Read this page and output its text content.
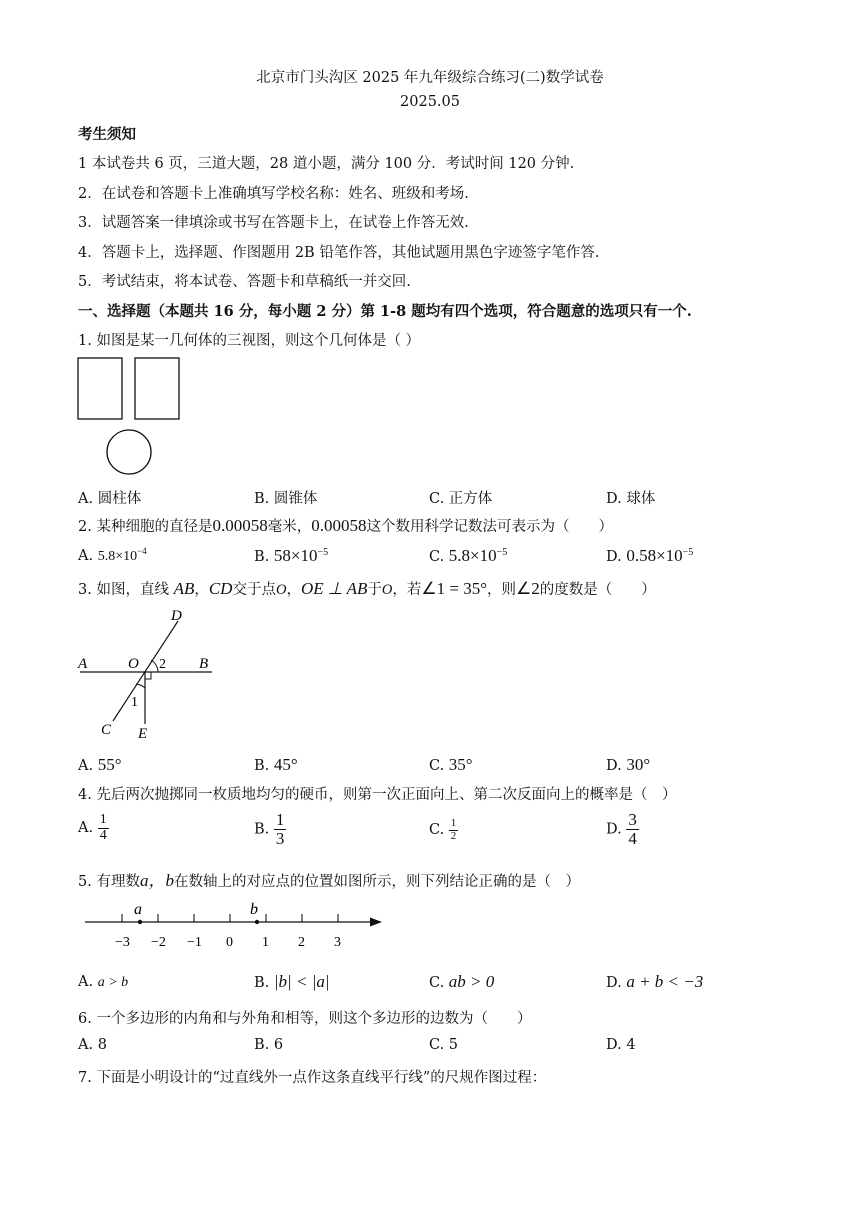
北京市门头沟区 2025 年九年级综合练习(二)数学试卷
2025.05
考生须知
1 本试卷共 6 页，三道大题，28 道小题，满分 100 分．考试时间 120 分钟.
2．在试卷和答题卡上准确填写学校名称：姓名、班级和考场.
3．试题答案一律填涂或书写在答题卡上，在试卷上作答无效.
4．答题卡上，选择题、作图题用 2B 铅笔作答，其他试题用黑色字迹签字笔作答.
5．考试结束，将本试卷、答题卡和草稿纸一并交回.
一、选择题（本题共 16 分，每小题 2 分）第 1-8 题均有四个选项，符合题意的选项只有一个.
1. 如图是某一几何体的三视图，则这个几何体是（ ）
A. 圆柱体	B. 圆锥体	C. 正方体	D. 球体
2. 某种细胞的直径是0.00058毫米，0.00058这个数用科学记数法可表示为（　　）
A. $5.8\times 10^{-4}$	B. $58\times 10^{-5}$	C. $5.8\times 10^{-5}$	D. $0.58\times 10^{-5}$
3. 如图，直线 AB，CD交于点O，OE ⊥ AB于O，若∠1 = 35°，则∠2的度数是（　　）
A	B
C
D
E
O
1
2
A. 55°	B. 45°	C. 35°	D. 30°
4. 先后两次抛掷同一枚质地均匀的硬币，则第一次正面向上、第二次反面向上的概率是（　）
A. $\frac{1}{4}$	B. $\frac{1}{3}$	C. $\frac{1}{2}$	D. $\frac{3}{4}$
5. 有理数a，b在数轴上的对应点的位置如图所示，则下列结论正确的是（　）
−3 −2 −1 0 1 2 3
a	b
A. a > b	B. |b| < |a|	C. ab > 0	D. a + b < −3
6. 一个多边形的内角和与外角和相等，则这个多边形的边数为（　　）
A. 8	B. 6	C. 5	D. 4
7. 下面是小明设计的“过直线外一点作这条直线平行线”的尺规作图过程：
